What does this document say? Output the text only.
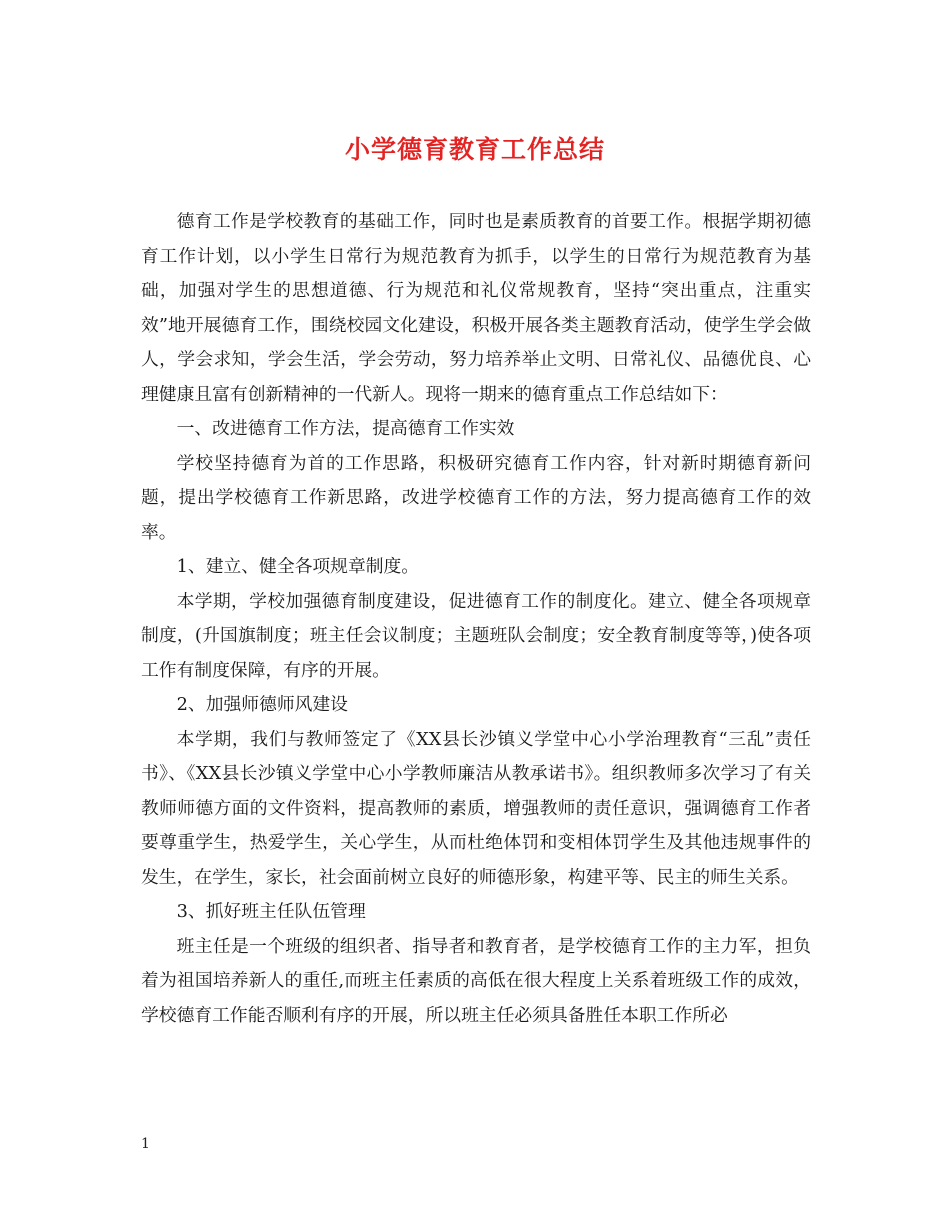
小学德育教育工作总结

德育工作是学校教育的基础工作，同时也是素质教育的首要工作。根据学期初德育工作计划，以小学生日常行为规范教育为抓手，以学生的日常行为规范教育为基础，加强对学生的思想道德、行为规范和礼仪常规教育，坚持“突出重点，注重实效”地开展德育工作，围绕校园文化建设，积极开展各类主题教育活动，使学生学会做人，学会求知，学会生活，学会劳动，努力培养举止文明、日常礼仪、品德优良、心理健康且富有创新精神的一代新人。现将一期来的德育重点工作总结如下：

一、改进德育工作方法，提高德育工作实效

学校坚持德育为首的工作思路，积极研究德育工作内容，针对新时期德育新问题，提出学校德育工作新思路，改进学校德育工作的方法，努力提高德育工作的效率。

1、建立、健全各项规章制度。

本学期，学校加强德育制度建设，促进德育工作的制度化。建立、健全各项规章制度，(升国旗制度；班主任会议制度；主题班队会制度；安全教育制度等等，)使各项工作有制度保障，有序的开展。

2、加强师德师风建设

本学期，我们与教师签定了《XX县长沙镇义学堂中心小学治理教育“三乱”责任书》、《XX县长沙镇义学堂中心小学教师廉洁从教承诺书》。组织教师多次学习了有关教师师德方面的文件资料，提高教师的素质，增强教师的责任意识，强调德育工作者要尊重学生，热爱学生，关心学生，从而杜绝体罚和变相体罚学生及其他违规事件的发生，在学生，家长，社会面前树立良好的师德形象，构建平等、民主的师生关系。

3、抓好班主任队伍管理

班主任是一个班级的组织者、指导者和教育者，是学校德育工作的主力军，担负着为祖国培养新人的重任,而班主任素质的高低在很大程度上关系着班级工作的成效，学校德育工作能否顺利有序的开展，所以班主任必须具备胜任本职工作所必

1
